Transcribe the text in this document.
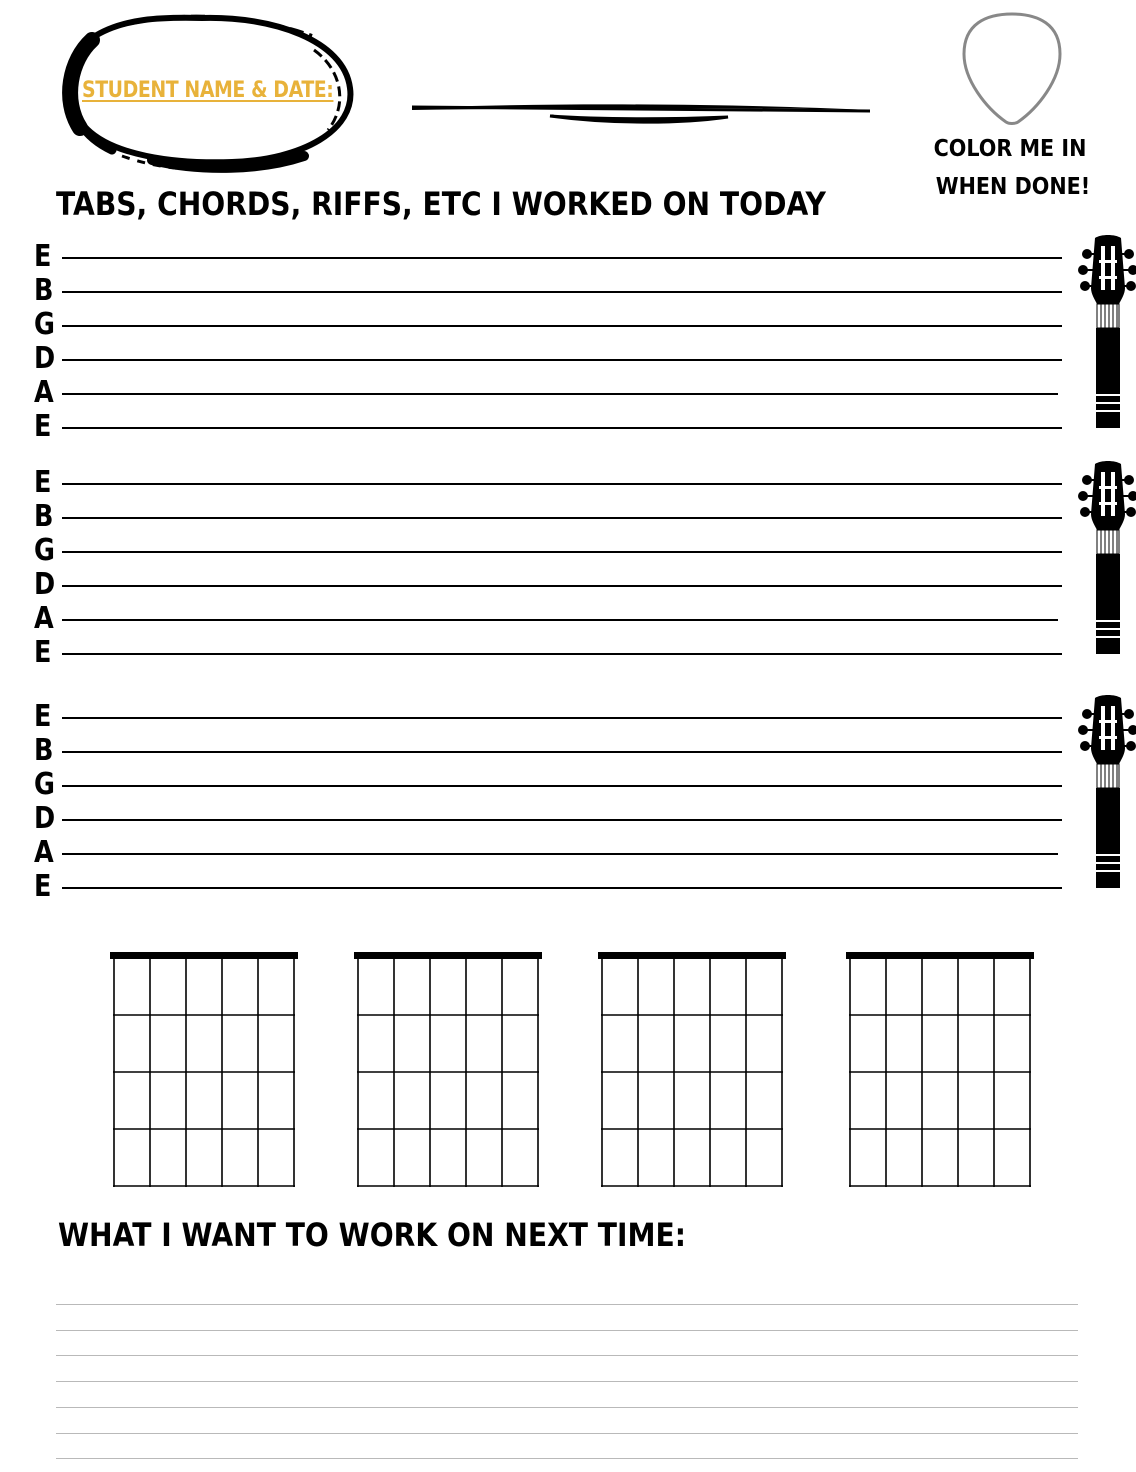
STUDENT NAME & DATE:
COLOR ME IN
WHEN DONE!
TABS, CHORDS, RIFFS, ETC I WORKED ON TODAY
E
B
G
D
A
E
E
B
G
D
A
E
E
B
G
D
A
E
WHAT I WANT TO WORK ON NEXT TIME:
